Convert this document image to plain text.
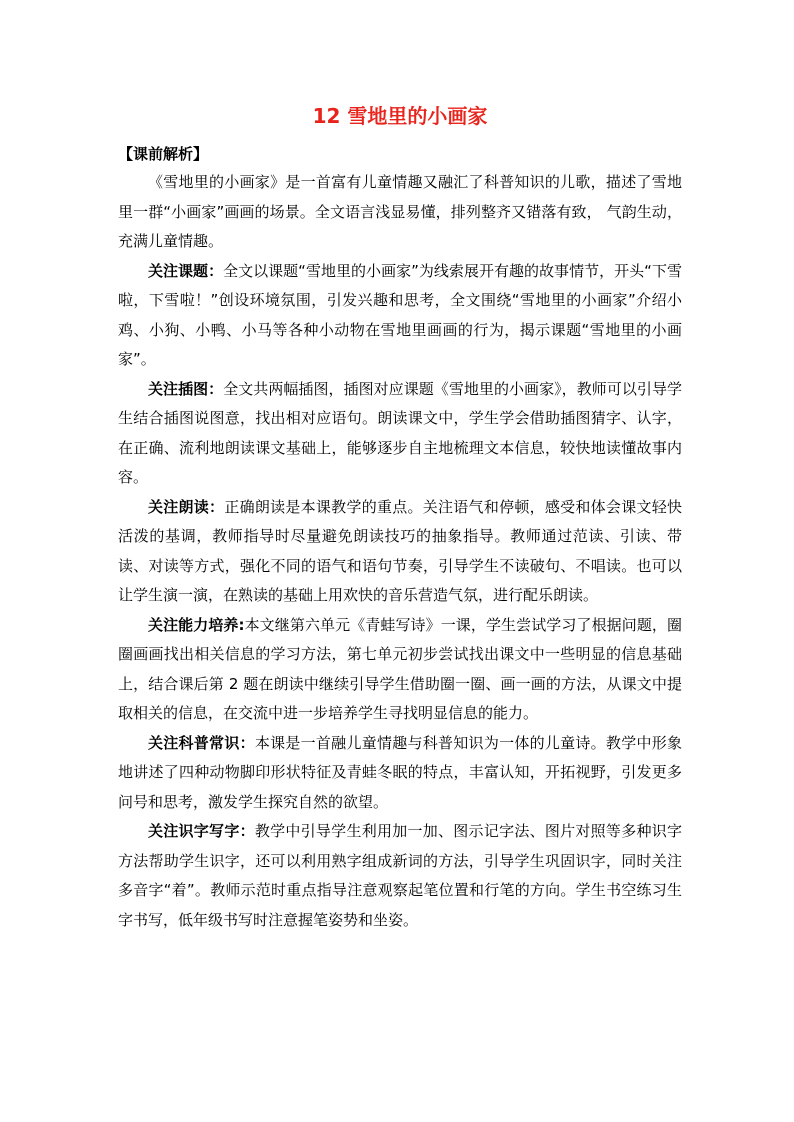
12 雪地里的小画家

【课前解析】

《雪地里的小画家》是一首富有儿童情趣又融汇了科普知识的儿歌，描述了雪地里一群“小画家”画画的场景。全文语言浅显易懂，排列整齐又错落有致， 气韵生动，充满儿童情趣。

关注课题：全文以课题“雪地里的小画家”为线索展开有趣的故事情节，开头“下雪啦，下雪啦！”创设环境氛围，引发兴趣和思考，全文围绕“雪地里的小画家”介绍小鸡、小狗、小鸭、小马等各种小动物在雪地里画画的行为，揭示课题“雪地里的小画家”。

关注插图：全文共两幅插图，插图对应课题《雪地里的小画家》，教师可以引导学生结合插图说图意，找出相对应语句。朗读课文中，学生学会借助插图猜字、认字，在正确、流利地朗读课文基础上，能够逐步自主地梳理文本信息，较快地读懂故事内容。

关注朗读：正确朗读是本课教学的重点。关注语气和停顿，感受和体会课文轻快活泼的基调，教师指导时尽量避免朗读技巧的抽象指导。教师通过范读、引读、带读、对读等方式，强化不同的语气和语句节奏，引导学生不读破句、不唱读。也可以让学生演一演，在熟读的基础上用欢快的音乐营造气氛，进行配乐朗读。

关注能力培养:本文继第六单元《青蛙写诗》一课，学生尝试学习了根据问题，圈圈画画找出相关信息的学习方法，第七单元初步尝试找出课文中一些明显的信息基础上，结合课后第 2 题在朗读中继续引导学生借助圈一圈、画一画的方法，从课文中提取相关的信息，在交流中进一步培养学生寻找明显信息的能力。

关注科普常识：本课是一首融儿童情趣与科普知识为一体的儿童诗。教学中形象地讲述了四种动物脚印形状特征及青蛙冬眠的特点，丰富认知，开拓视野，引发更多问号和思考，激发学生探究自然的欲望。

关注识字写字：教学中引导学生利用加一加、图示记字法、图片对照等多种识字方法帮助学生识字，还可以利用熟字组成新词的方法，引导学生巩固识字，同时关注多音字“着”。教师示范时重点指导注意观察起笔位置和行笔的方向。学生书空练习生字书写，低年级书写时注意握笔姿势和坐姿。
